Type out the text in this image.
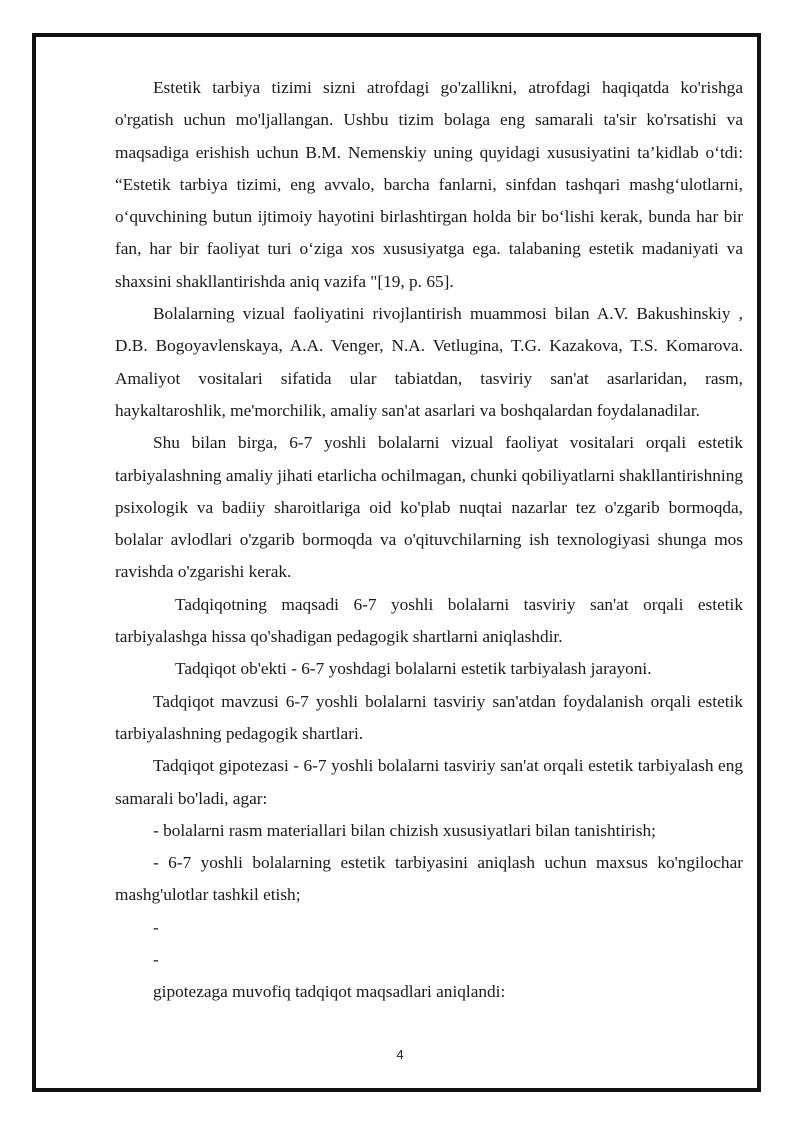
Estetik tarbiya tizimi sizni atrofdagi go'zallikni, atrofdagi haqiqatda ko'rishga o'rgatish uchun mo'ljallangan. Ushbu tizim bolaga eng samarali ta'sir ko'rsatishi va maqsadiga erishish uchun B.M. Nemenskiy uning quyidagi xususiyatini ta’kidlab o‘tdi: “Estetik tarbiya tizimi, eng avvalo, barcha fanlarni, sinfdan tashqari mashg‘ulotlarni, o‘quvchining butun ijtimoiy hayotini birlashtirgan holda bir bo‘lishi kerak, bunda har bir fan, har bir faoliyat turi o‘ziga xos xususiyatga ega. talabaning estetik madaniyati va shaxsini shakllantirishda aniq vazifa "[19, p. 65].

Bolalarning vizual faoliyatini rivojlantirish muammosi bilan A.V. Bakushinskiy , D.B. Bogoyavlenskaya, A.A. Venger, N.A. Vetlugina, T.G. Kazakova, T.S. Komarova. Amaliyot vositalari sifatida ular tabiatdan, tasviriy san'at asarlaridan, rasm, haykaltaroshlik, me'morchilik, amaliy san'at asarlari va boshqalardan foydalanadilar.

Shu bilan birga, 6-7 yoshli bolalarni vizual faoliyat vositalari orqali estetik tarbiyalashning amaliy jihati etarlicha ochilmagan, chunki qobiliyatlarni shakllantirishning psixologik va badiiy sharoitlariga oid ko'plab nuqtai nazarlar tez o'zgarib bormoqda, bolalar avlodlari o'zgarib bormoqda va o'qituvchilarning ish texnologiyasi shunga mos ravishda o'zgarishi kerak.

Tadqiqotning maqsadi 6-7 yoshli bolalarni tasviriy san'at orqali estetik tarbiyalashga hissa qo'shadigan pedagogik shartlarni aniqlashdir.

Tadqiqot ob'ekti - 6-7 yoshdagi bolalarni estetik tarbiyalash jarayoni.

Tadqiqot mavzusi 6-7 yoshli bolalarni tasviriy san'atdan foydalanish orqali estetik tarbiyalashning pedagogik shartlari.

Tadqiqot gipotezasi - 6-7 yoshli bolalarni tasviriy san'at orqali estetik tarbiyalash eng samarali bo'ladi, agar:

- bolalarni rasm materiallari bilan chizish xususiyatlari bilan tanishtirish;

- 6-7 yoshli bolalarning estetik tarbiyasini aniqlash uchun maxsus ko'ngilochar mashg'ulotlar tashkil etish;

-

-

gipotezaga muvofiq tadqiqot maqsadlari aniqlandi:

4
